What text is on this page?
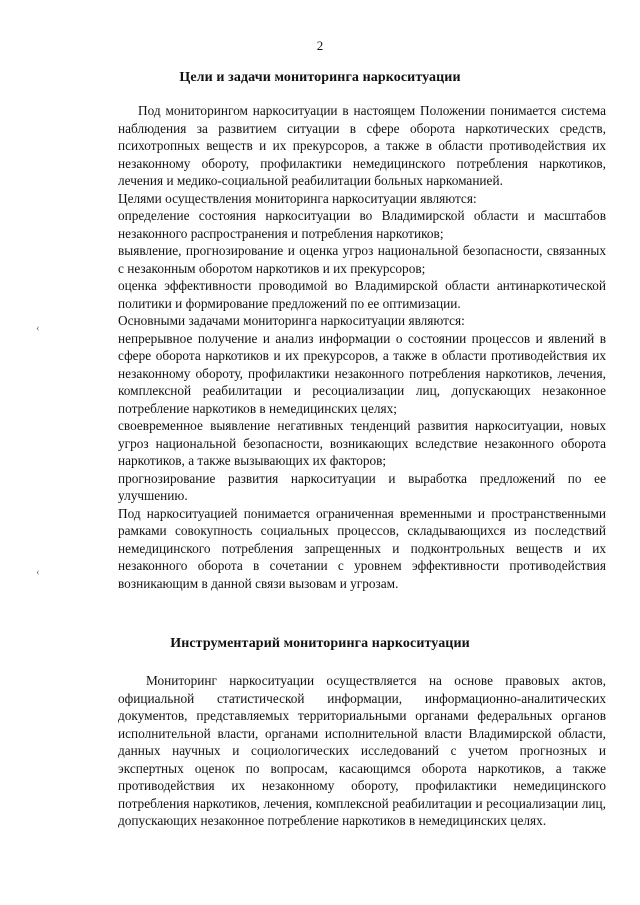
2
Цели и задачи мониторинга наркоситуации

Под мониторингом наркоситуации в настоящем Положении понимается система наблюдения за развитием ситуации в сфере оборота наркотических средств, психотропных веществ и их прекурсоров, а также в области противодействия их незаконному обороту, профилактики немедицинского потребления наркотиков, лечения и медико-социальной реабилитации больных наркоманией.

Целями осуществления мониторинга наркоситуации являются:

определение состояния наркоситуации во Владимирской области и масштабов незаконного распространения и потребления наркотиков;

выявление, прогнозирование и оценка угроз национальной безопасности, связанных с незаконным оборотом наркотиков и их прекурсоров;

оценка эффективности проводимой во Владимирской области антинаркотической политики и формирование предложений по ее оптимизации.

Основными задачами мониторинга наркоситуации являются:

непрерывное получение и анализ информации о состоянии процессов и явлений в сфере оборота наркотиков и их прекурсоров, а также в области противодействия их незаконному обороту, профилактики незаконного потребления наркотиков, лечения, комплексной реабилитации и ресоциализации лиц, допускающих незаконное потребление наркотиков в немедицинских целях;

своевременное выявление негативных тенденций развития наркоситуации, новых угроз национальной безопасности, возникающих вследствие незаконного оборота наркотиков, а также вызывающих их факторов;

прогнозирование развития наркоситуации и выработка предложений по ее улучшению.

Под наркоситуацией понимается ограниченная временными и пространственными рамками совокупность социальных процессов, складывающихся из последствий немедицинского потребления запрещенных и подконтрольных веществ и их незаконного оборота в сочетании с уровнем эффективности противодействия возникающим в данной связи вызовам и угрозам.

Инструментарий мониторинга наркоситуации

Мониторинг наркоситуации осуществляется на основе правовых актов, официальной статистической информации, информационно-аналитических документов, представляемых территориальными органами федеральных органов исполнительной власти, органами исполнительной власти Владимирской области, данных научных и социологических исследований с учетом прогнозных и экспертных оценок по вопросам, касающимся оборота наркотиков, а также противодействия их незаконному обороту, профилактики немедицинского потребления наркотиков, лечения, комплексной реабилитации и ресоциализации лиц, допускающих незаконное потребление наркотиков в немедицинских целях.

‹
‹
